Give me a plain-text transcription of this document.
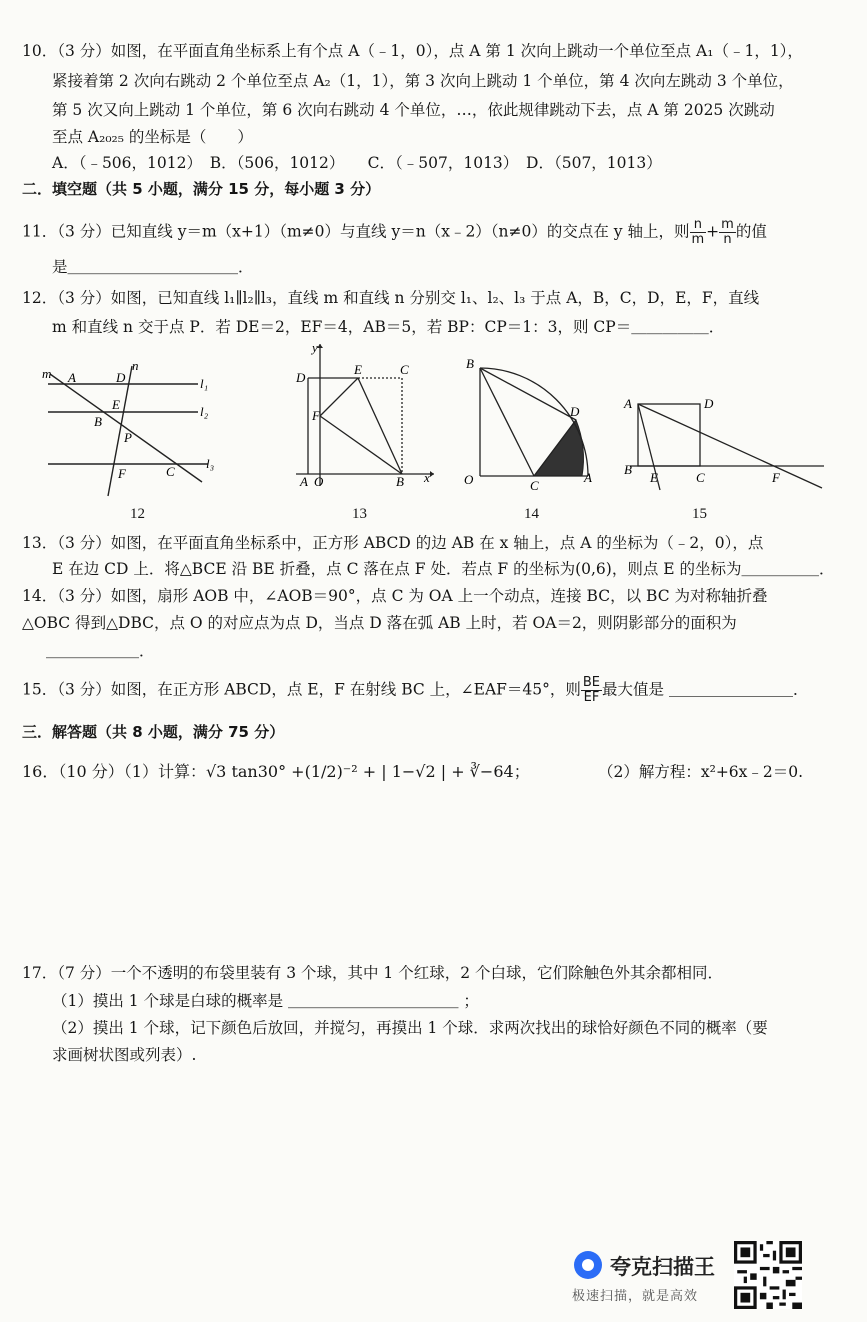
10．（3 分）如图，在平面直角坐标系上有个点 A（﹣1，0），点 A 第 1 次向上跳动一个单位至点 A₁（﹣1，1），
紧接着第 2 次向右跳动 2 个单位至点 A₂（1，1），第 3 次向上跳动 1 个单位，第 4 次向左跳动 3 个单位，
第 5 次又向上跳动 1 个单位，第 6 次向右跳动 4 个单位，…，依此规律跳动下去，点 A 第 2025 次跳动
至点 A₂₀₂₅ 的坐标是（　　）
A．（﹣506，1012）　B．（506，1012）　　C．（﹣507，1013）　D．（507，1013）
二．填空题（共 5 小题，满分 15 分，每小题 3 分）
11．（3 分）已知直线 y＝m（x+1）（m≠0）与直线 y＝n（x﹣2）（n≠0）的交点在 y 轴上，则 $\frac{n}{m} + \frac{m}{n}$ 的值
是＿＿＿＿＿＿＿＿＿＿＿．
12．（3 分）如图，已知直线 l₁∥l₂∥l₃，直线 m 和直线 n 分别交 l₁、l₂、l₃ 于点 A，B，C，D，E，F，直线
m 和直线 n 交于点 P．若 DE＝2，EF＝4，AB＝5，若 BP：CP＝1：3，则 CP＝＿＿＿＿＿．
m A	D
n
l₁
E	l₂
B
P
F	C
l₃
12
y
D
E	C
F
A O	B x
13
B
D
O	C
A
14
A	D
B
E	C	F
15
13．（3 分）如图，在平面直角坐标系中，正方形 ABCD 的边 AB 在 x 轴上，点 A 的坐标为（﹣2，0），点
E 在边 CD 上．将△BCE 沿 BE 折叠，点 C 落在点 F 处．若点 F 的坐标为(0,6)，则点 E 的坐标为＿＿＿＿＿．
14．（3 分）如图，扇形 AOB 中，∠AOB＝90°，点 C 为 OA 上一个动点，连接 BC，以 BC 为对称轴折叠
△OBC 得到△DBC，点 O 的对应点为点 D，当点 D 落在弧 AB 上时，若 OA＝2，则阴影部分的面积为
＿＿＿＿＿＿．
15．（3 分）如图，在正方形 ABCD，点 E，F 在射线 BC 上，∠EAF＝45°，则 $\frac{BE}{EF}$ 最大值是 ＿＿＿＿＿＿＿＿．
三．解答题（共 8 小题，满分 75 分）
16．（10 分）（1）计算：√3 tan30° +(1/2)⁻² + | 1−√2 | + ∛−64；	（2）解方程：x²+6x﹣2＝0.
17．（7 分）一个不透明的布袋里装有 3 个球，其中 1 个红球，2 个白球，它们除触色外其余都相同．
（1）摸出 1 个球是白球的概率是 ＿＿＿＿＿＿＿＿＿＿＿ ；
（2）摸出 1 个球，记下颜色后放回，并搅匀，再摸出 1 个球．求两次找出的球恰好颜色不同的概率（要
求画树状图或列表）.
夸克扫描王
极速扫描，就是高效
